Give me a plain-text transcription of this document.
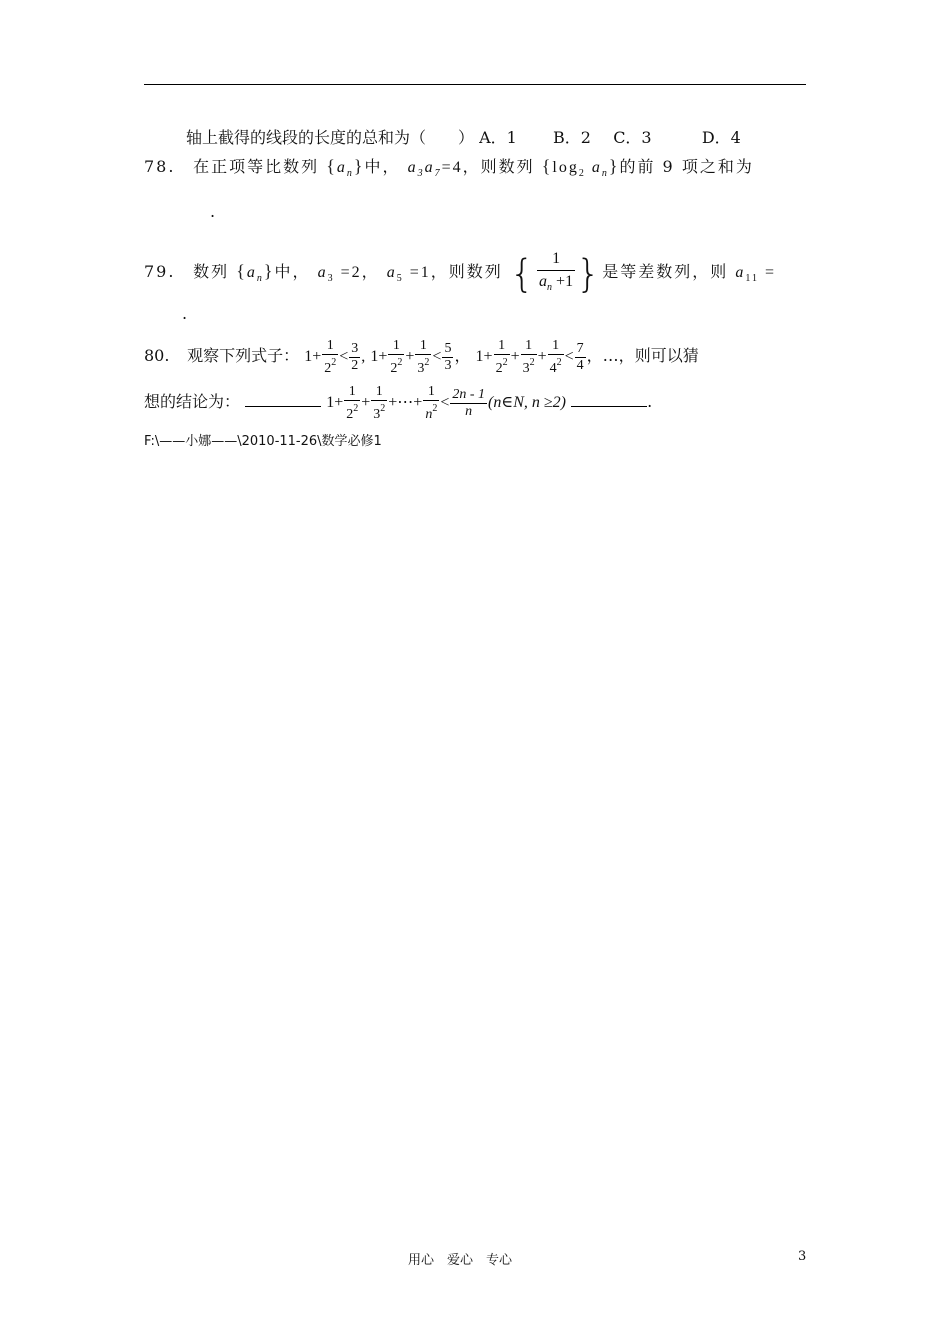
轴上截得的线段的长度的总和为（　　） A．1 B．2 C．3	D．4
78. 在正项等比数列 $\{a_n\}$中， $a_3a_7=4$，则数列 {$\log_2$ $a_n$}的前 9 项之和为
.
79. 数列 $\{a_n\}$中， $a_3 =2$， $a_5 =1$，则数列 { $\frac{1}{a_n +1}$ }是等差数列，则 $a_{11}$ =
.
80. 观察下列式子： $1+ \frac{1}{2^2} < \frac{3}{2}$ , $1+ \frac{1}{2^2} + \frac{1}{3^2} < \frac{5}{3}$ ， $1+ \frac{1}{2^2} + \frac{1}{3^2} + \frac{1}{4^2} < \frac{7}{4}$ ，…，则可以猜
想的结论为：	$1+ \frac{1}{2^2} + \frac{1}{3^2}$ +⋯+ $\frac{1}{n^2} < \frac{2n - 1}{n}$ (n∈N, n ≥2)	.
F:\——小娜——\2010-11-26\数学必修1
用心　爱心　专心	3
